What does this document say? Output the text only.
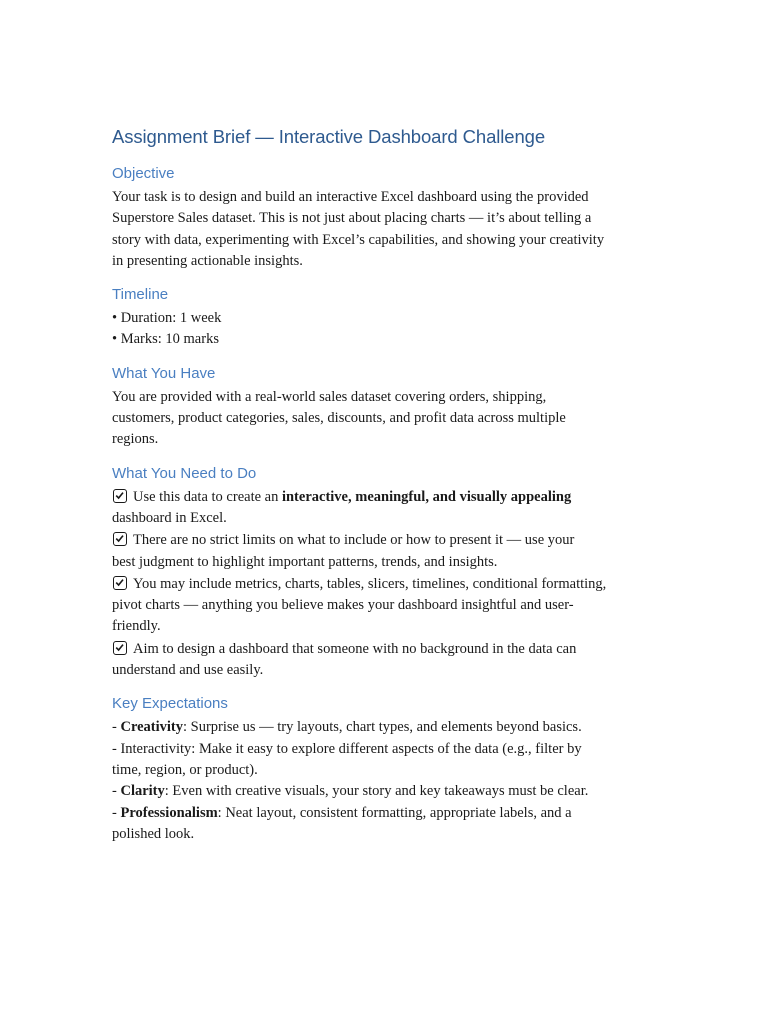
Assignment Brief — Interactive Dashboard Challenge
Objective

Your task is to design and build an interactive Excel dashboard using the provided
Superstore Sales dataset. This is not just about placing charts — it’s about telling a
story with data, experimenting with Excel’s capabilities, and showing your creativity
in presenting actionable insights.

Timeline
• Duration: 1 week
• Marks: 10 marks
What You Have

You are provided with a real-world sales dataset covering orders, shipping,
customers, product categories, sales, discounts, and profit data across multiple
regions.

What You Need to Do
Use this data to create an interactive, meaningful, and visually appealing
dashboard in Excel.
There are no strict limits on what to include or how to present it — use your
best judgment to highlight important patterns, trends, and insights.
You may include metrics, charts, tables, slicers, timelines, conditional formatting,
pivot charts — anything you believe makes your dashboard insightful and user-
friendly.
Aim to design a dashboard that someone with no background in the data can
understand and use easily.
Key Expectations
- Creativity: Surprise us — try layouts, chart types, and elements beyond basics.
- Interactivity: Make it easy to explore different aspects of the data (e.g., filter by
time, region, or product).
- Clarity: Even with creative visuals, your story and key takeaways must be clear.
- Professionalism: Neat layout, consistent formatting, appropriate labels, and a
polished look.
